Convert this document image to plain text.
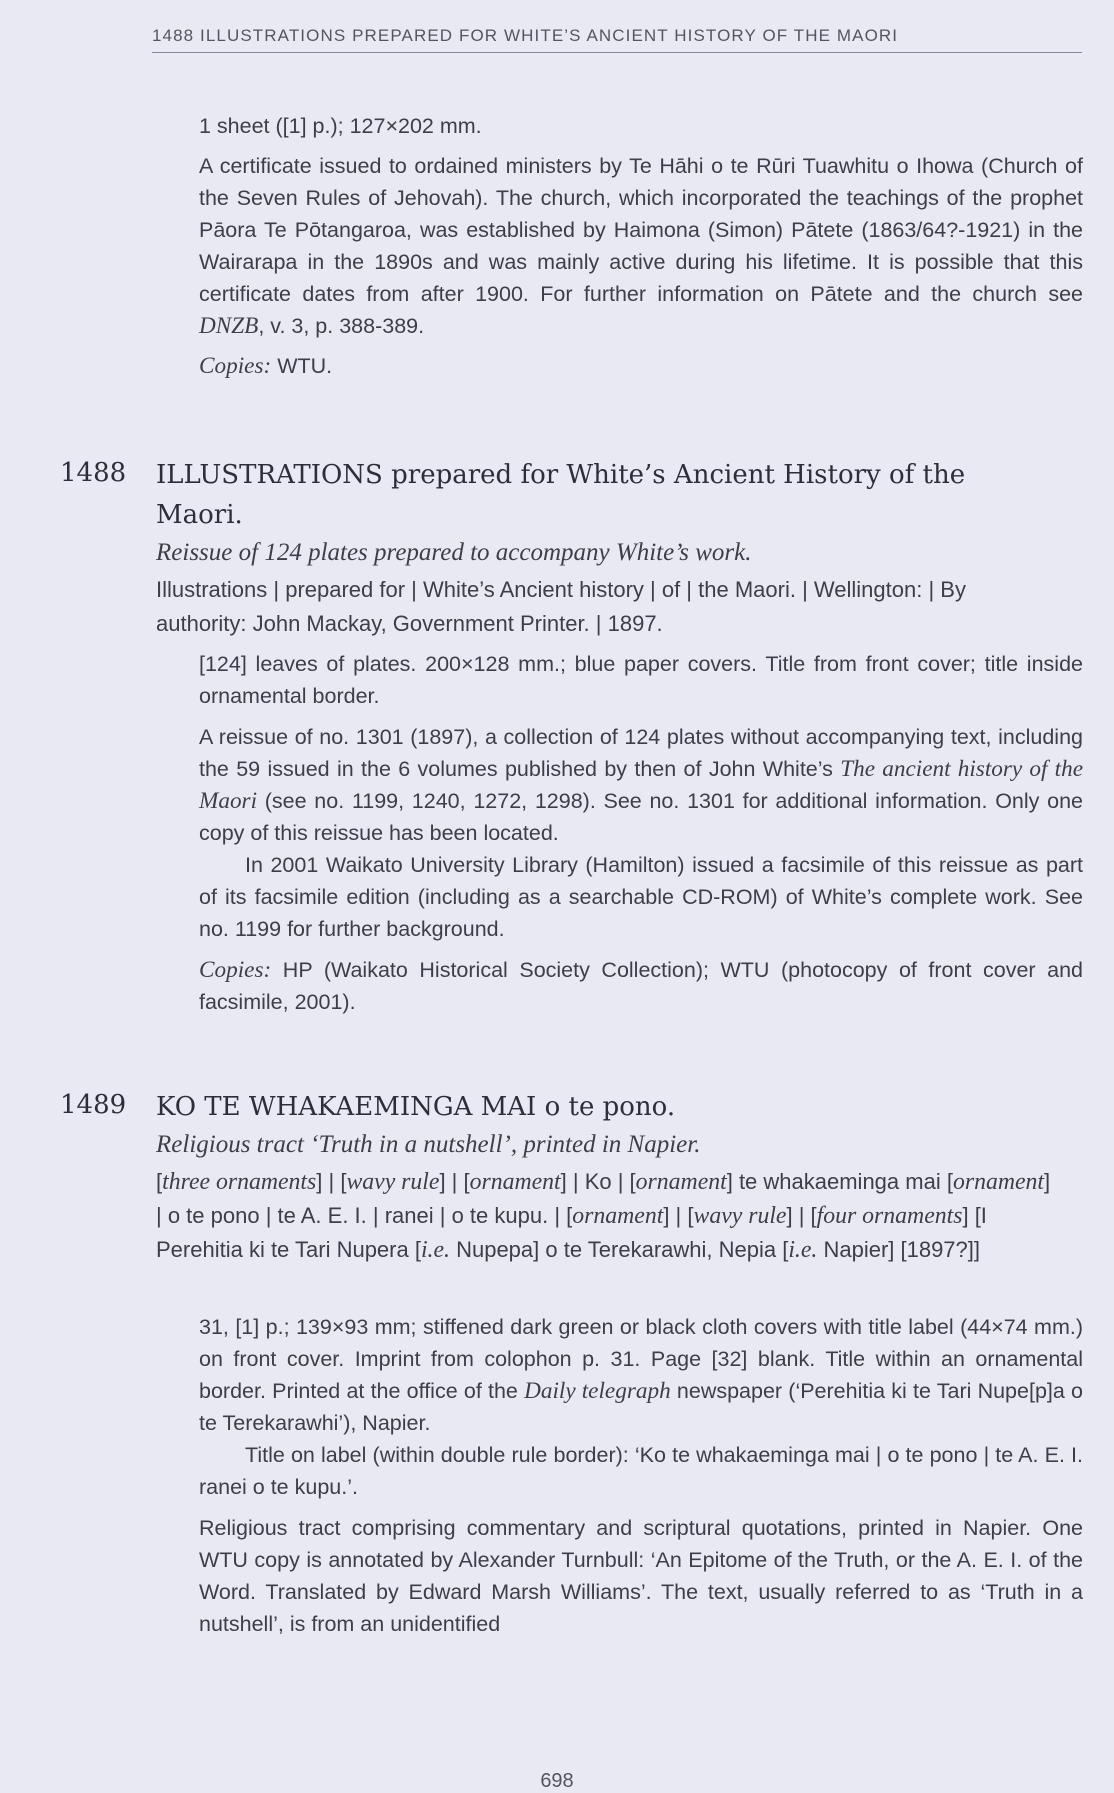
1488 ILLUSTRATIONS PREPARED FOR WHITE’S ANCIENT HISTORY OF THE MAORI

1 sheet ([1] p.); 127×202 mm.

A certificate issued to ordained ministers by Te Hāhi o te Rūri Tuawhitu o Ihowa (Church of the Seven Rules of Jehovah). The church, which incorporated the teachings of the prophet Pāora Te Pōtangaroa, was established by Haimona (Simon) Pātete (1863/64?-1921) in the Wairarapa in the 1890s and was mainly active during his lifetime. It is possible that this certificate dates from after 1900. For further information on Pātete and the church see DNZB, v. 3, p. 388-389.

Copies: WTU.

1488 ILLUSTRATIONS prepared for White’s Ancient History of the Maori.

Reissue of 124 plates prepared to accompany White’s work.

Illustrations | prepared for | White’s Ancient history | of | the Maori. | Wellington: | By authority: John Mackay, Government Printer. | 1897.

[124] leaves of plates. 200×128 mm.; blue paper covers. Title from front cover; title inside ornamental border.

A reissue of no. 1301 (1897), a collection of 124 plates without accompanying text, including the 59 issued in the 6 volumes published by then of John White’s The ancient history of the Maori (see no. 1199, 1240, 1272, 1298). See no. 1301 for additional information. Only one copy of this reissue has been located.

In 2001 Waikato University Library (Hamilton) issued a facsimile of this reissue as part of its facsimile edition (including as a searchable CD-ROM) of White’s complete work. See no. 1199 for further background.

Copies: HP (Waikato Historical Society Collection); WTU (photocopy of front cover and facsimile, 2001).

1489 KO TE WHAKAEMINGA MAI o te pono.

Religious tract ‘Truth in a nutshell’, printed in Napier.

[three ornaments] | [wavy rule] | [ornament] | Ko | [ornament] te whakaeminga mai [ornament] | o te pono | te A. E. I. | ranei | o te kupu. | [ornament] | [wavy rule] | [four ornaments] [I Perehitia ki te Tari Nupera [i.e. Nupepa] o te Terekarawhi, Nepia [i.e. Napier] [1897?]]

31, [1] p.; 139×93 mm; stiffened dark green or black cloth covers with title label (44×74 mm.) on front cover. Imprint from colophon p. 31. Page [32] blank. Title within an ornamental border. Printed at the office of the Daily telegraph newspaper (‘Perehitia ki te Tari Nupe[p]a o te Terekarawhi’), Napier.

Title on label (within double rule border): ‘Ko te whakaeminga mai | o te pono | te A. E. I. ranei o te kupu.’.

Religious tract comprising commentary and scriptural quotations, printed in Napier. One WTU copy is annotated by Alexander Turnbull: ‘An Epitome of the Truth, or the A. E. I. of the Word. Translated by Edward Marsh Williams’. The text, usually referred to as ‘Truth in a nutshell’, is from an unidentified

698
